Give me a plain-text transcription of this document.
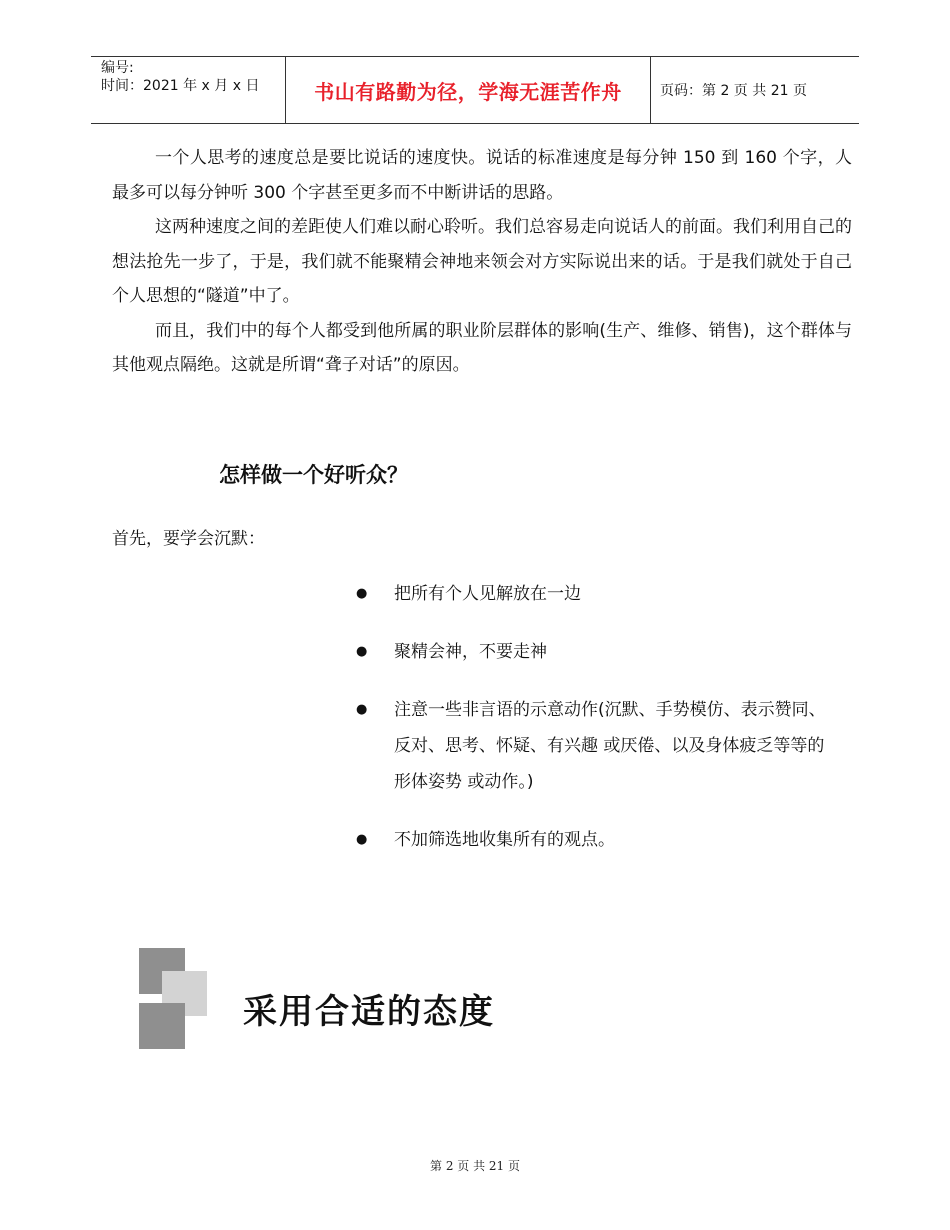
编号:
时间：2021 年 x 月 x 日	书山有路勤为径，学海无涯苦作舟	页码：第 2 页 共 21 页

一个人思考的速度总是要比说话的速度快。说话的标准速度是每分钟 150 到 160 个字，人最多可以每分钟听 300 个字甚至更多而不中断讲话的思路。

这两种速度之间的差距使人们难以耐心聆听。我们总容易走向说话人的前面。我们利用自己的想法抢先一步了，于是，我们就不能聚精会神地来领会对方实际说出来的话。于是我们就处于自己个人思想的“隧道”中了。

而且，我们中的每个人都受到他所属的职业阶层群体的影响(生产、维修、销售)，这个群体与其他观点隔绝。这就是所谓“聋子对话”的原因。

怎样做一个好听众？

首先，要学会沉默：

●	把所有个人见解放在一边
●	聚精会神，不要走神
●	注意一些非言语的示意动作(沉默、手势模仿、表示赞同、反对、思考、怀疑、有兴趣 或厌倦、以及身体疲乏等等的形体姿势 或动作。)
●	不加筛选地收集所有的观点。
采用合适的态度
第 2 页 共 21 页
